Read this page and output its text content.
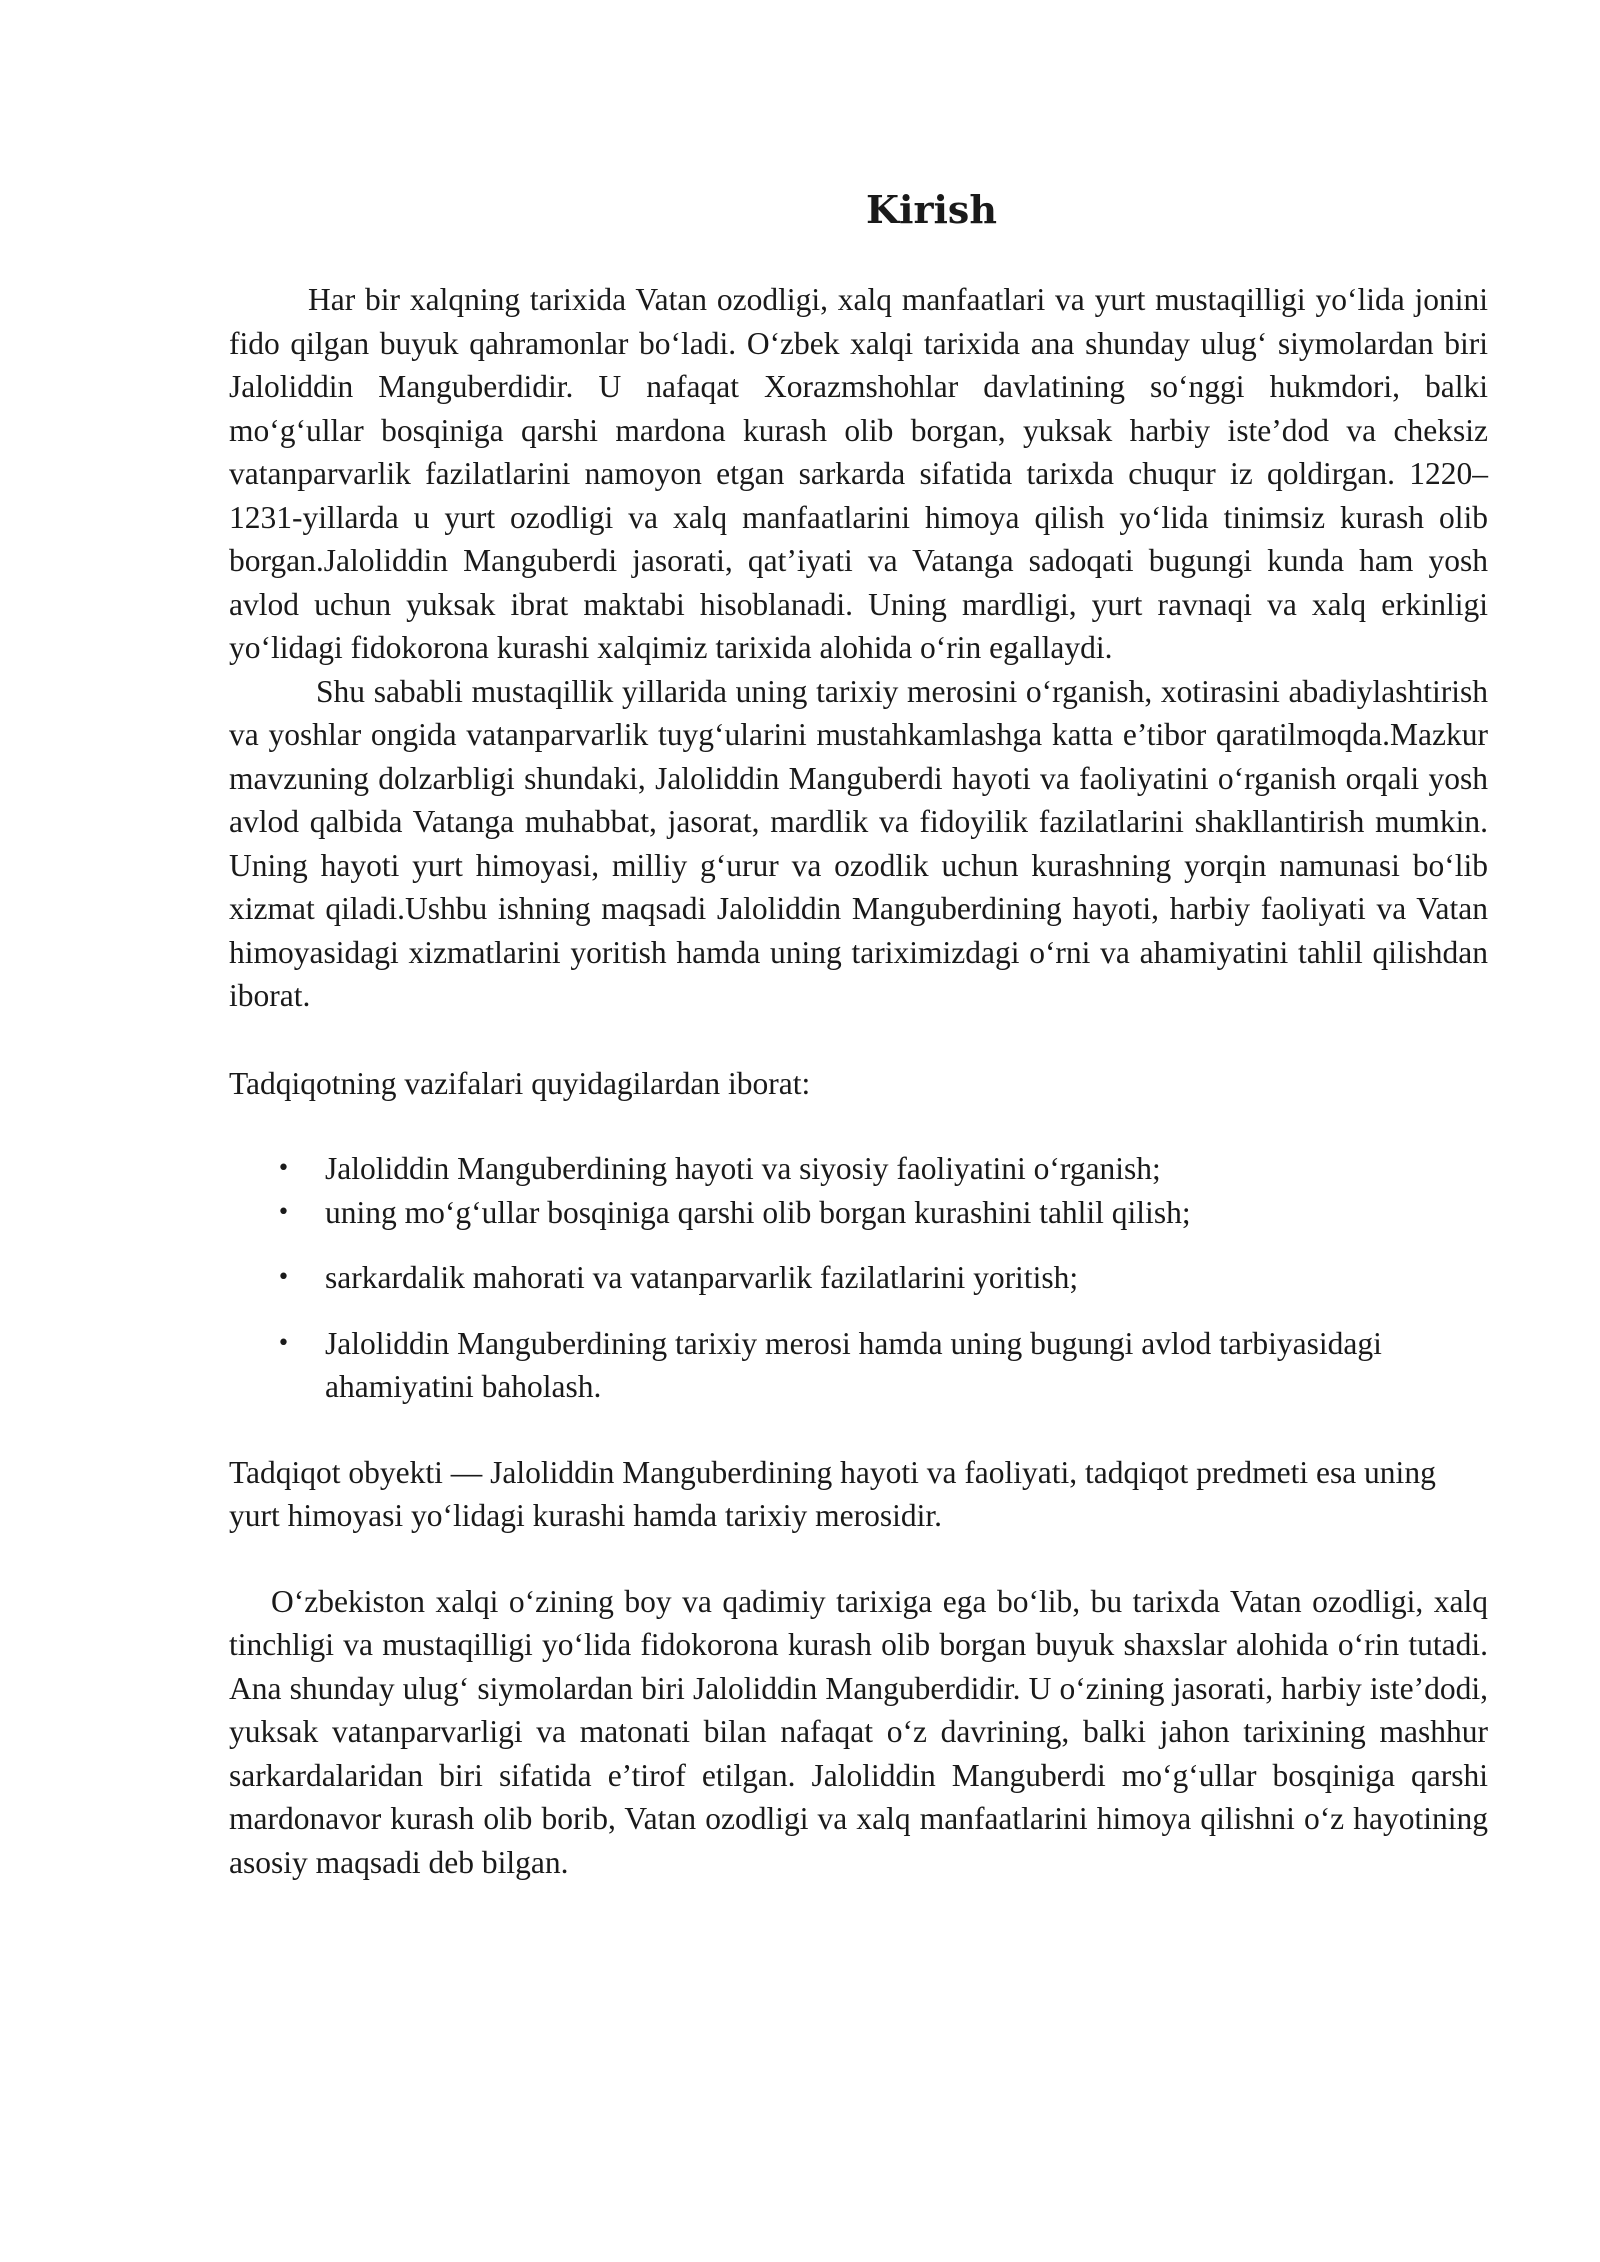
Kirish

Har bir xalqning tarixida Vatan ozodligi, xalq manfaatlari va yurt mustaqilligi yo‘lida jonini fido qilgan buyuk qahramonlar bo‘ladi. O‘zbek xalqi tarixida ana shunday ulug‘ siymolardan biri Jaloliddin Manguberdidir. U nafaqat Xorazmshohlar davlatining so‘nggi hukmdori, balki mo‘g‘ullar bosqiniga qarshi mardona kurash olib borgan, yuksak harbiy iste’dod va cheksiz vatanparvarlik fazilatlarini namoyon etgan sarkarda sifatida tarixda chuqur iz qoldirgan. 1220–1231-yillarda u yurt ozodligi va xalq manfaatlarini himoya qilish yo‘lida tinimsiz kurash olib borgan.Jaloliddin Manguberdi jasorati, qat’iyati va Vatanga sadoqati bugungi kunda ham yosh avlod uchun yuksak ibrat maktabi hisoblanadi. Uning mardligi, yurt ravnaqi va xalq erkinligi yo‘lidagi fidokorona kurashi xalqimiz tarixida alohida o‘rin egallaydi.

Shu sababli mustaqillik yillarida uning tarixiy merosini o‘rganish, xotirasini abadiylashtirish va yoshlar ongida vatanparvarlik tuyg‘ularini mustahkamlashga katta e’tibor qaratilmoqda.Mazkur mavzuning dolzarbligi shundaki, Jaloliddin Manguberdi hayoti va faoliyatini o‘rganish orqali yosh avlod qalbida Vatanga muhabbat, jasorat, mardlik va fidoyilik fazilatlarini shakllantirish mumkin. Uning hayoti yurt himoyasi, milliy g‘urur va ozodlik uchun kurashning yorqin namunasi bo‘lib xizmat qiladi.Ushbu ishning maqsadi Jaloliddin Manguberdining hayoti, harbiy faoliyati va Vatan himoyasidagi xizmatlarini yoritish hamda uning tariximizdagi o‘rni va ahamiyatini tahlil qilishdan iborat.

Tadqiqotning vazifalari quyidagilardan iborat:

• Jaloliddin Manguberdining hayoti va siyosiy faoliyatini o‘rganish;
• uning mo‘g‘ullar bosqiniga qarshi olib borgan kurashini tahlil qilish;
• sarkardalik mahorati va vatanparvarlik fazilatlarini yoritish;
• Jaloliddin Manguberdining tarixiy merosi hamda uning bugungi avlod tarbiyasidagi ahamiyatini baholash.

Tadqiqot obyekti — Jaloliddin Manguberdining hayoti va faoliyati, tadqiqot predmeti esa uning yurt himoyasi yo‘lidagi kurashi hamda tarixiy merosidir.

O‘zbekiston xalqi o‘zining boy va qadimiy tarixiga ega bo‘lib, bu tarixda Vatan ozodligi, xalq tinchligi va mustaqilligi yo‘lida fidokorona kurash olib borgan buyuk shaxslar alohida o‘rin tutadi. Ana shunday ulug‘ siymolardan biri Jaloliddin Manguberdidir. U o‘zining jasorati, harbiy iste’dodi, yuksak vatanparvarligi va matonati bilan nafaqat o‘z davrining, balki jahon tarixining mashhur sarkardalaridan biri sifatida e’tirof etilgan. Jaloliddin Manguberdi mo‘g‘ullar bosqiniga qarshi mardonavor kurash olib borib, Vatan ozodligi va xalq manfaatlarini himoya qilishni o‘z hayotining asosiy maqsadi deb bilgan.
